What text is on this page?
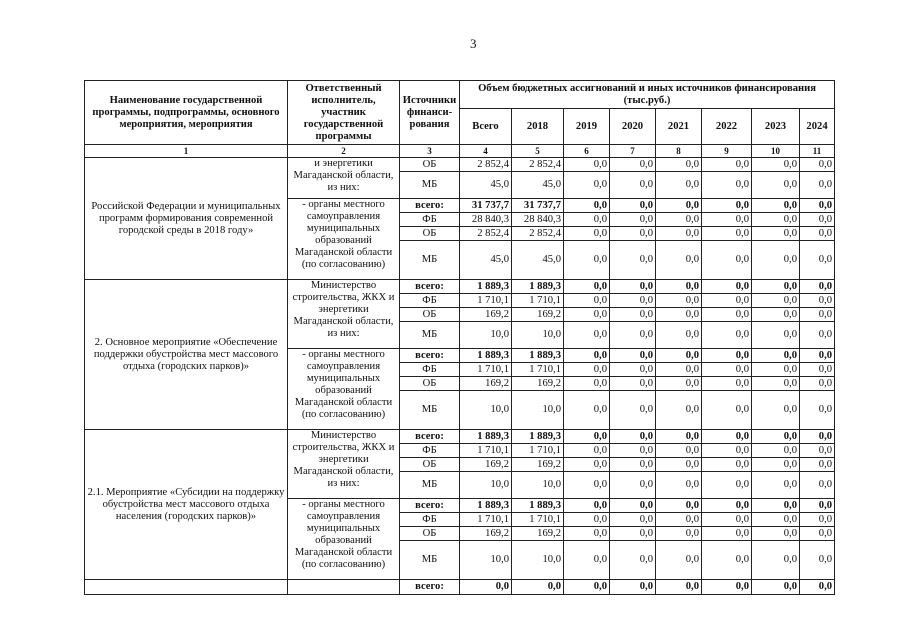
3
Наименование государственной программы, подпрограммы, основного мероприятия, мероприятия	Ответственный исполнитель, участник государственной программы	Источники финанси-рования	Объем бюджетных ассигнований и иных источников финансирования (тыс.руб.)							
			Всего	2018	2019	2020	2021	2022	2023	2024
1	2	3	4	5	6	7	8	9	10	11
Российской Федерации и муниципальных программ формирования современной городской среды в 2018 году»	и энергетики Магаданской области, из них:	ОБ	2 852,4	2 852,4	0,0	0,0	0,0	0,0	0,0	0,0
		МБ	45,0	45,0	0,0	0,0	0,0	0,0	0,0	0,0
	- органы местного самоуправления муниципальных образований Магаданской области (по согласованию)	всего:	31 737,7	31 737,7	0,0	0,0	0,0	0,0	0,0	0,0
		ФБ	28 840,3	28 840,3	0,0	0,0	0,0	0,0	0,0	0,0
		ОБ	2 852,4	2 852,4	0,0	0,0	0,0	0,0	0,0	0,0
		МБ	45,0	45,0	0,0	0,0	0,0	0,0	0,0	0,0
2. Основное мероприятие «Обеспечение поддержки обустройства мест массового отдыха (городских парков)»	Министерство строительства, ЖКХ и энергетики Магаданской области, из них:	всего:	1 889,3	1 889,3	0,0	0,0	0,0	0,0	0,0	0,0
		ФБ	1 710,1	1 710,1	0,0	0,0	0,0	0,0	0,0	0,0
		ОБ	169,2	169,2	0,0	0,0	0,0	0,0	0,0	0,0
		МБ	10,0	10,0	0,0	0,0	0,0	0,0	0,0	0,0
	- органы местного самоуправления муниципальных образований Магаданской области (по согласованию)	всего:	1 889,3	1 889,3	0,0	0,0	0,0	0,0	0,0	0,0
		ФБ	1 710,1	1 710,1	0,0	0,0	0,0	0,0	0,0	0,0
		ОБ	169,2	169,2	0,0	0,0	0,0	0,0	0,0	0,0
		МБ	10,0	10,0	0,0	0,0	0,0	0,0	0,0	0,0
2.1. Мероприятие «Субсидии на поддержку обустройства мест массового отдыха населения (городских парков)»	Министерство строительства, ЖКХ и энергетики Магаданской области, из них:	всего:	1 889,3	1 889,3	0,0	0,0	0,0	0,0	0,0	0,0
		ФБ	1 710,1	1 710,1	0,0	0,0	0,0	0,0	0,0	0,0
		ОБ	169,2	169,2	0,0	0,0	0,0	0,0	0,0	0,0
		МБ	10,0	10,0	0,0	0,0	0,0	0,0	0,0	0,0
	- органы местного самоуправления муниципальных образований Магаданской области (по согласованию)	всего:	1 889,3	1 889,3	0,0	0,0	0,0	0,0	0,0	0,0
		ФБ	1 710,1	1 710,1	0,0	0,0	0,0	0,0	0,0	0,0
		ОБ	169,2	169,2	0,0	0,0	0,0	0,0	0,0	0,0
		МБ	10,0	10,0	0,0	0,0	0,0	0,0	0,0	0,0
		всего:	0,0	0,0	0,0	0,0	0,0	0,0	0,0	0,0
